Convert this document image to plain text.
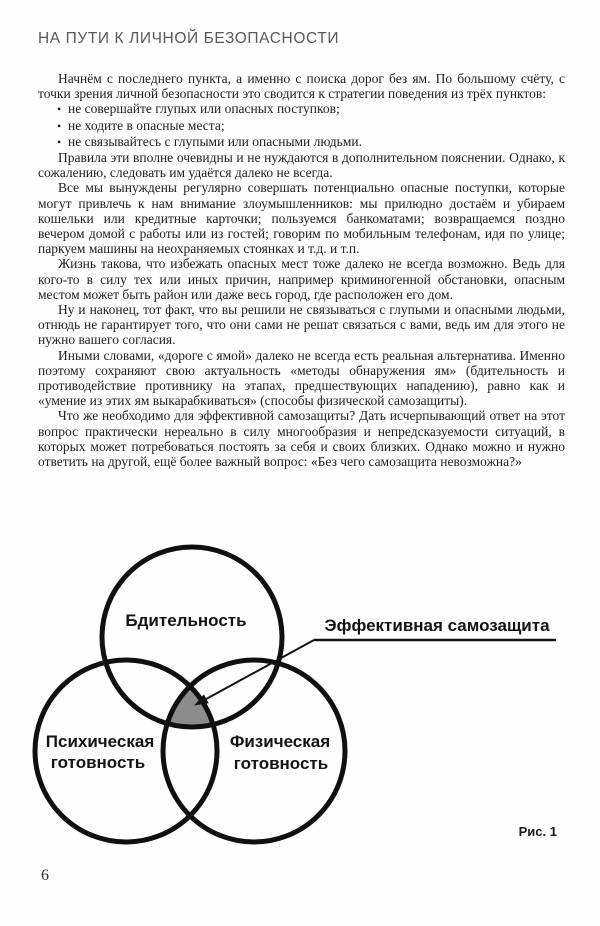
НА ПУТИ К ЛИЧНОЙ БЕЗОПАСНОСТИ

Начнём с последнего пункта, а именно с поиска дорог без ям. По большому счёту, с точки зрения личной безопасности это сводится к стратегии поведения из трёх пунктов:

• не совершайте глупых или опасных поступков;
• не ходите в опасные места;
• не связывайтесь с глупыми или опасными людьми.

Правила эти вполне очевидны и не нуждаются в дополнительном пояснении. Однако, к сожалению, следовать им удаётся далеко не всегда.

Все мы вынуждены регулярно совершать потенциально опасные поступки, которые могут привлечь к нам внимание злоумышленников: мы прилюдно достаём и убираем кошельки или кредитные карточки; пользуемся банкоматами; возвращаемся поздно вечером домой с работы или из гостей; говорим по мобильным телефонам, идя по улице; паркуем машины на неохраняемых стоянках и т.д. и т.п.

Жизнь такова, что избежать опасных мест тоже далеко не всегда возможно. Ведь для кого-то в силу тех или иных причин, например криминогенной обстановки, опасным местом может быть район или даже весь город, где расположен его дом.

Ну и наконец, тот факт, что вы решили не связываться с глупыми и опасными людьми, отнюдь не гарантирует того, что они сами не решат связаться с вами, ведь им для этого не нужно вашего согласия.

Иными словами, «дороге с ямой» далеко не всегда есть реальная альтернатива. Именно поэтому сохраняют свою актуальность «методы обнаружения ям» (бдительность и противодействие противнику на этапах, предшествующих нападению), равно как и «умение из этих ям выкарабкиваться» (способы физической самозащиты).

Что же необходимо для эффективной самозащиты? Дать исчерпывающий ответ на этот вопрос практически нереально в силу многообразия и непредсказуемости ситуаций, в которых может потребоваться постоять за себя и своих близких. Однако можно и нужно ответить на другой, ещё более важный вопрос: «Без чего самозащита невозможна?»

Бдительность
Психическая
готовность
Физическая
готовность
Эффективная самозащита
Рис. 1
6
